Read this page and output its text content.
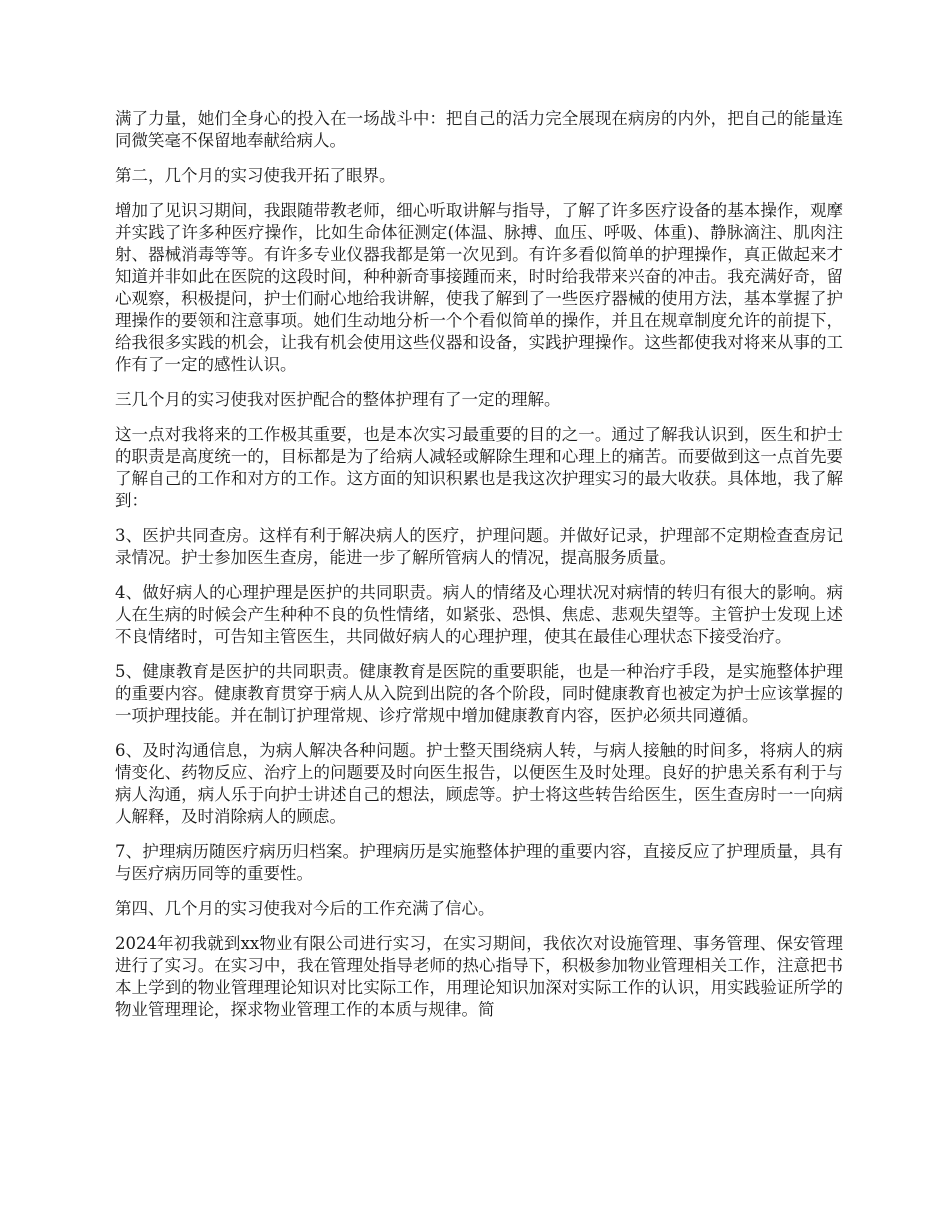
满了力量，她们全身心的投入在一场战斗中：把自己的活力完全展现在病房的内外，把自己的能量连同微笑毫不保留地奉献给病人。

第二，几个月的实习使我开拓了眼界。

增加了见识习期间，我跟随带教老师，细心听取讲解与指导，了解了许多医疗设备的基本操作，观摩并实践了许多种医疗操作，比如生命体征测定(体温、脉搏、血压、呼吸、体重)、静脉滴注、肌肉注射、器械消毒等等。有许多专业仪器我都是第一次见到。有许多看似简单的护理操作，真正做起来才知道并非如此在医院的这段时间，种种新奇事接踵而来，时时给我带来兴奋的冲击。我充满好奇，留心观察，积极提问，护士们耐心地给我讲解，使我了解到了一些医疗器械的使用方法，基本掌握了护理操作的要领和注意事项。她们生动地分析一个个看似简单的操作，并且在规章制度允许的前提下，给我很多实践的机会，让我有机会使用这些仪器和设备，实践护理操作。这些都使我对将来从事的工作有了一定的感性认识。

三几个月的实习使我对医护配合的整体护理有了一定的理解。

这一点对我将来的工作极其重要，也是本次实习最重要的目的之一。通过了解我认识到，医生和护士的职责是高度统一的，目标都是为了给病人减轻或解除生理和心理上的痛苦。而要做到这一点首先要了解自己的工作和对方的工作。这方面的知识积累也是我这次护理实习的最大收获。具体地，我了解到：

3、医护共同查房。这样有利于解决病人的医疗，护理问题。并做好记录，护理部不定期检查查房记录情况。护士参加医生查房，能进一步了解所管病人的情况，提高服务质量。

4、做好病人的心理护理是医护的共同职责。病人的情绪及心理状况对病情的转归有很大的影响。病人在生病的时候会产生种种不良的负性情绪，如紧张、恐惧、焦虑、悲观失望等。主管护士发现上述不良情绪时，可告知主管医生，共同做好病人的心理护理，使其在最佳心理状态下接受治疗。

5、健康教育是医护的共同职责。健康教育是医院的重要职能，也是一种治疗手段，是实施整体护理的重要内容。健康教育贯穿于病人从入院到出院的各个阶段，同时健康教育也被定为护士应该掌握的一项护理技能。并在制订护理常规、诊疗常规中增加健康教育内容，医护必须共同遵循。

6、及时沟通信息，为病人解决各种问题。护士整天围绕病人转，与病人接触的时间多，将病人的病情变化、药物反应、治疗上的问题要及时向医生报告，以便医生及时处理。良好的护患关系有利于与病人沟通，病人乐于向护士讲述自己的想法，顾虑等。护士将这些转告给医生，医生查房时一一向病人解释，及时消除病人的顾虑。

7、护理病历随医疗病历归档案。护理病历是实施整体护理的重要内容，直接反应了护理质量，具有与医疗病历同等的重要性。

第四、几个月的实习使我对今后的工作充满了信心。

2024年初我就到xx物业有限公司进行实习，在实习期间，我依次对设施管理、事务管理、保安管理进行了实习。在实习中，我在管理处指导老师的热心指导下，积极参加物业管理相关工作，注意把书本上学到的物业管理理论知识对比实际工作，用理论知识加深对实际工作的认识，用实践验证所学的物业管理理论，探求物业管理工作的本质与规律。简
